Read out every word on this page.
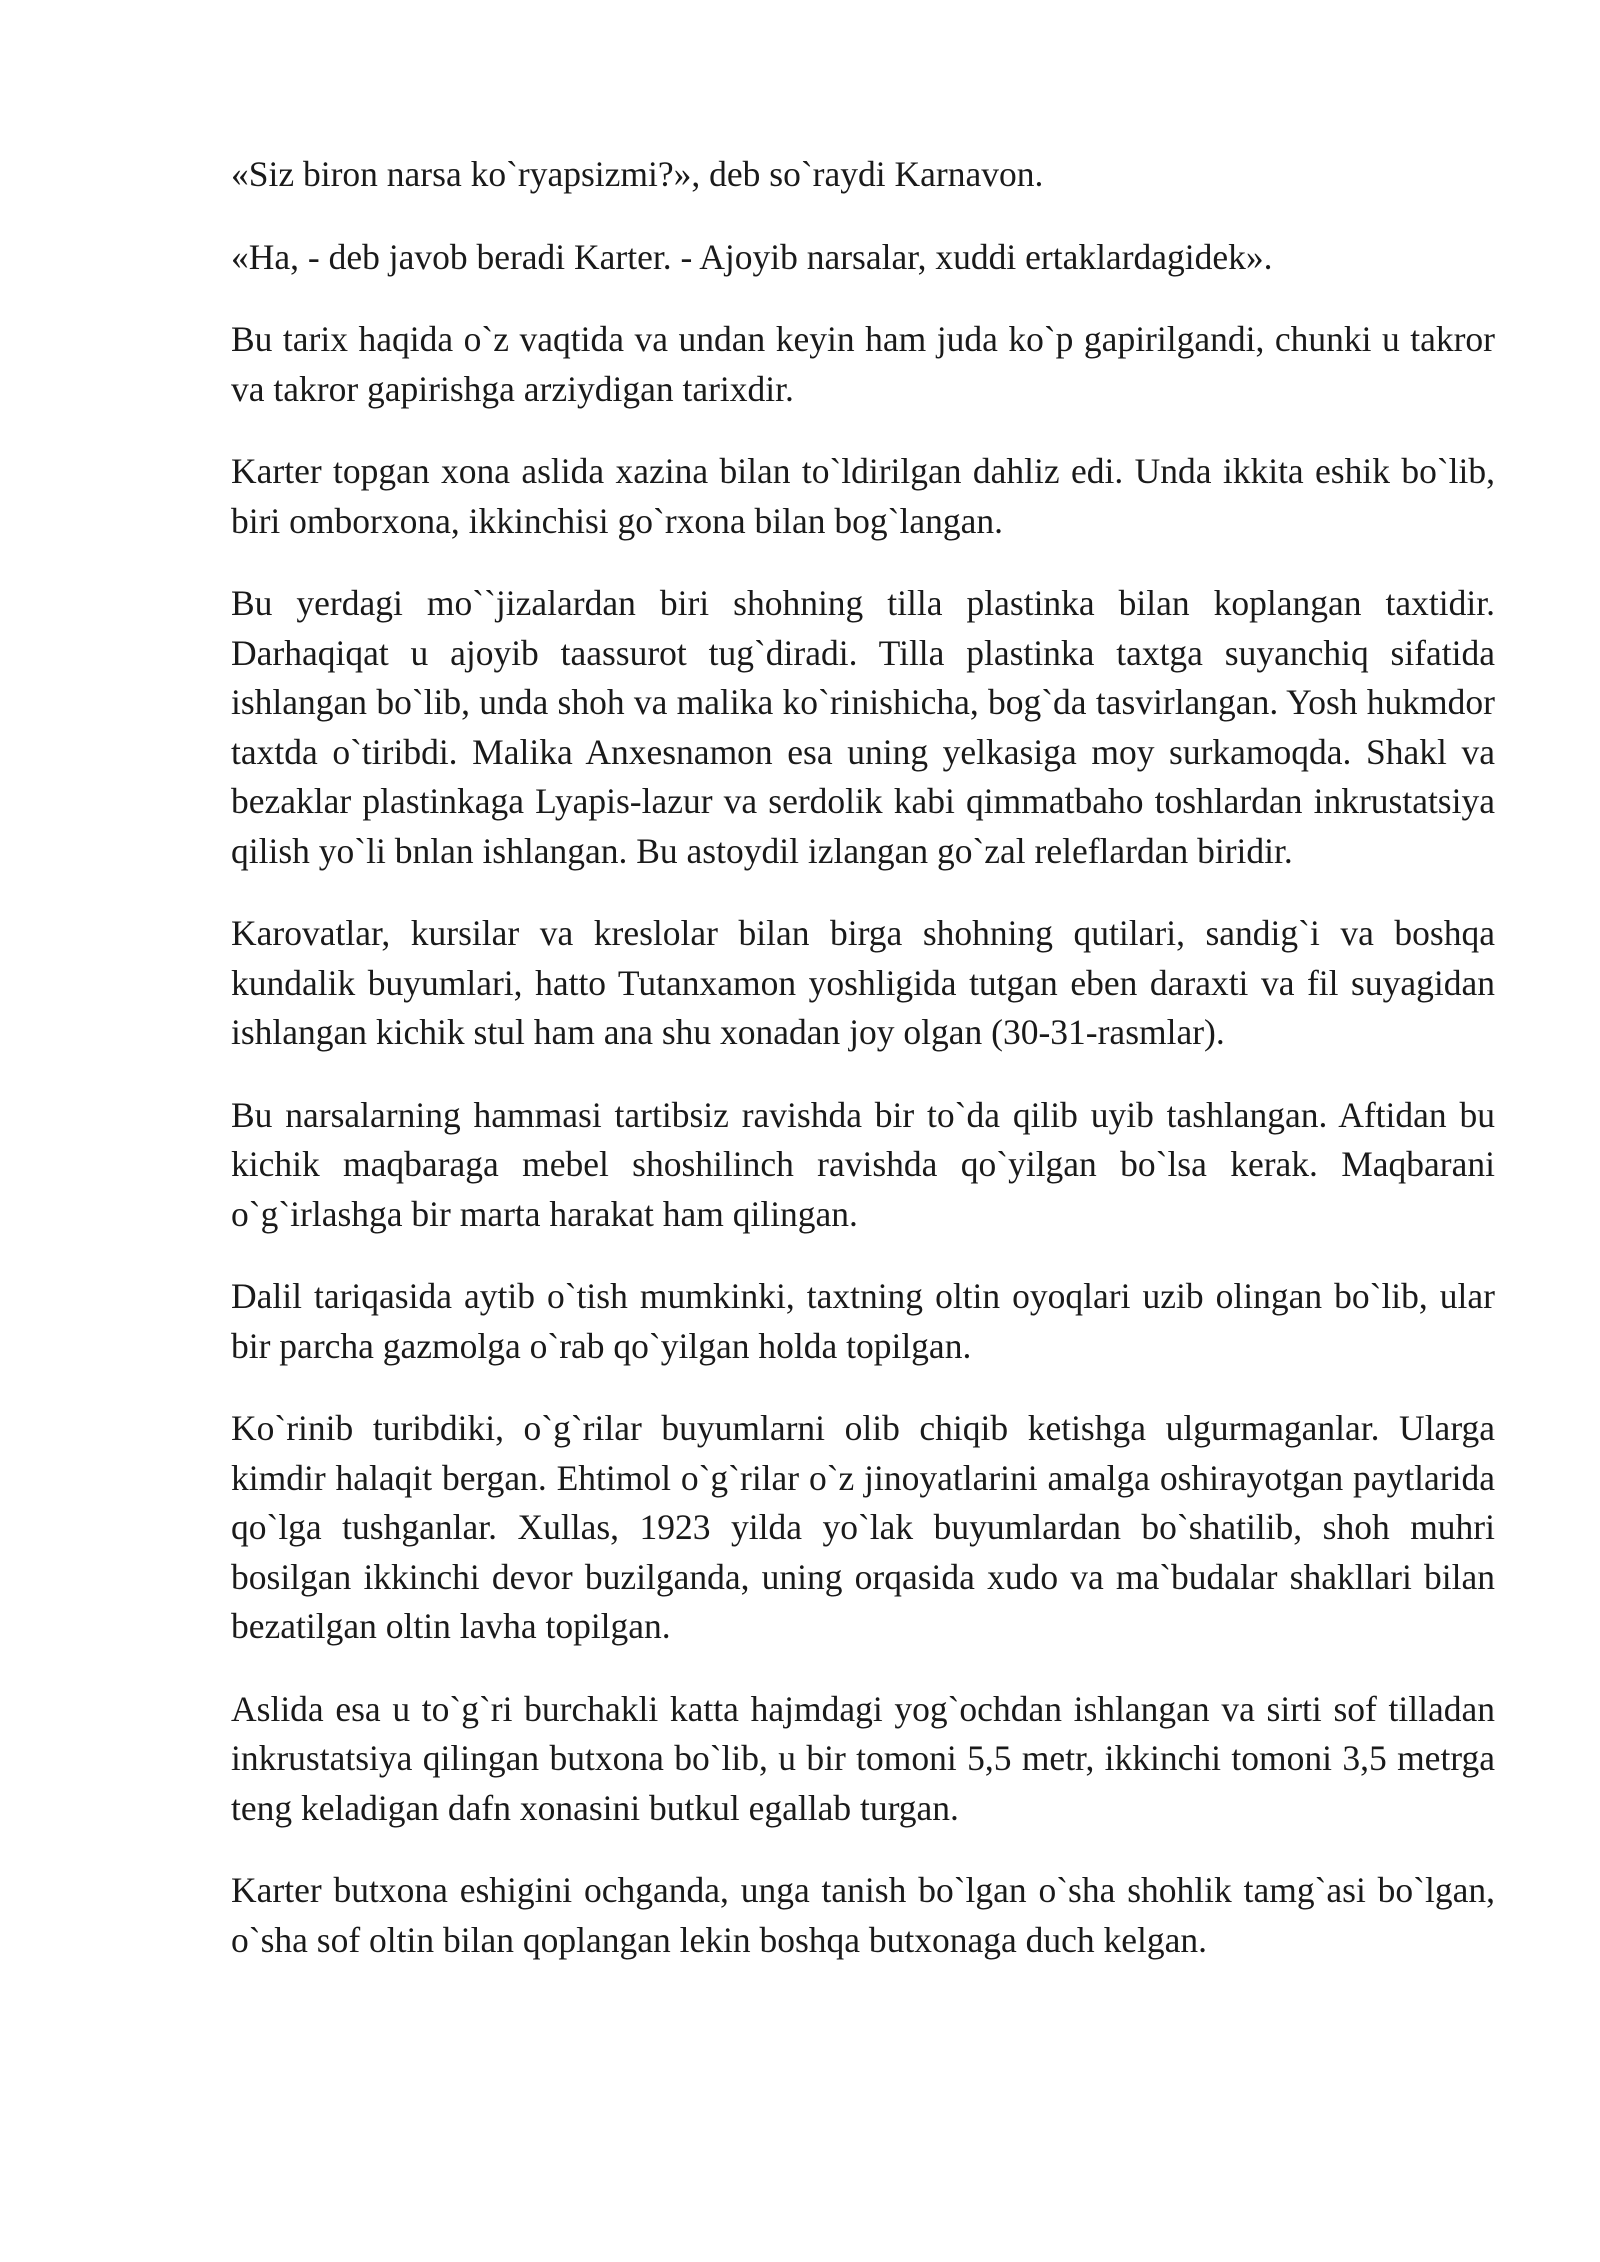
«Siz biron narsa ko`ryapsizmi?», deb so`raydi Karnavon.

«Ha, - deb javob beradi Karter. - Ajoyib narsalar, xuddi ertaklardagidek».

Bu tarix haqida o`z vaqtida va undan keyin ham juda ko`p gapirilgandi, chunki u takror va takror gapirishga arziydigan tarixdir.

Karter topgan xona aslida xazina bilan to`ldirilgan dahliz edi. Unda ikkita eshik bo`lib, biri omborxona, ikkinchisi go`rxona bilan bog`langan.

Bu yerdagi mo``jizalardan biri shohning tilla plastinka bilan koplangan taxtidir. Darhaqiqat u ajoyib taassurot tug`diradi. Tilla plastinka taxtga suyanchiq sifatida ishlangan bo`lib, unda shoh va malika ko`rinishicha, bog`da tasvirlangan. Yosh hukmdor taxtda o`tiribdi. Malika Anxesnamon esa uning yelkasiga moy surkamoqda. Shakl va bezaklar plastinkaga Lyapis-lazur va serdolik kabi qimmatbaho toshlardan inkrustatsiya qilish yo`li bnlan ishlangan. Bu astoydil izlangan go`zal releflardan biridir.

Karovatlar, kursilar va kreslolar bilan birga shohning qutilari, sandig`i va boshqa kundalik buyumlari, hatto Tutanxamon yoshligida tutgan eben daraxti va fil suyagidan ishlangan kichik stul ham ana shu xonadan joy olgan (30-31-rasmlar).

Bu narsalarning hammasi tartibsiz ravishda bir to`da qilib uyib tashlangan. Aftidan bu kichik maqbaraga mebel shoshilinch ravishda qo`yilgan bo`lsa kerak. Maqbarani o`g`irlashga bir marta harakat ham qilingan.

Dalil tariqasida aytib o`tish mumkinki, taxtning oltin oyoqlari uzib olingan bo`lib, ular bir parcha gazmolga o`rab qo`yilgan holda topilgan.

Ko`rinib turibdiki, o`g`rilar buyumlarni olib chiqib ketishga ulgurmaganlar. Ularga kimdir halaqit bergan. Ehtimol o`g`rilar o`z jinoyatlarini amalga oshirayotgan paytlarida qo`lga tushganlar. Xullas, 1923 yilda yo`lak buyumlardan bo`shatilib, shoh muhri bosilgan ikkinchi devor buzilganda, uning orqasida xudo va ma`budalar shakllari bilan bezatilgan oltin lavha topilgan.

Aslida esa u to`g`ri burchakli katta hajmdagi yog`ochdan ishlangan va sirti sof tilladan inkrustatsiya qilingan butxona bo`lib, u bir tomoni 5,5 metr, ikkinchi tomoni 3,5 metrga teng keladigan dafn xonasini butkul egallab turgan.

Karter butxona eshigini ochganda, unga tanish bo`lgan o`sha shohlik tamg`asi bo`lgan, o`sha sof oltin bilan qoplangan lekin boshqa butxonaga duch kelgan.
